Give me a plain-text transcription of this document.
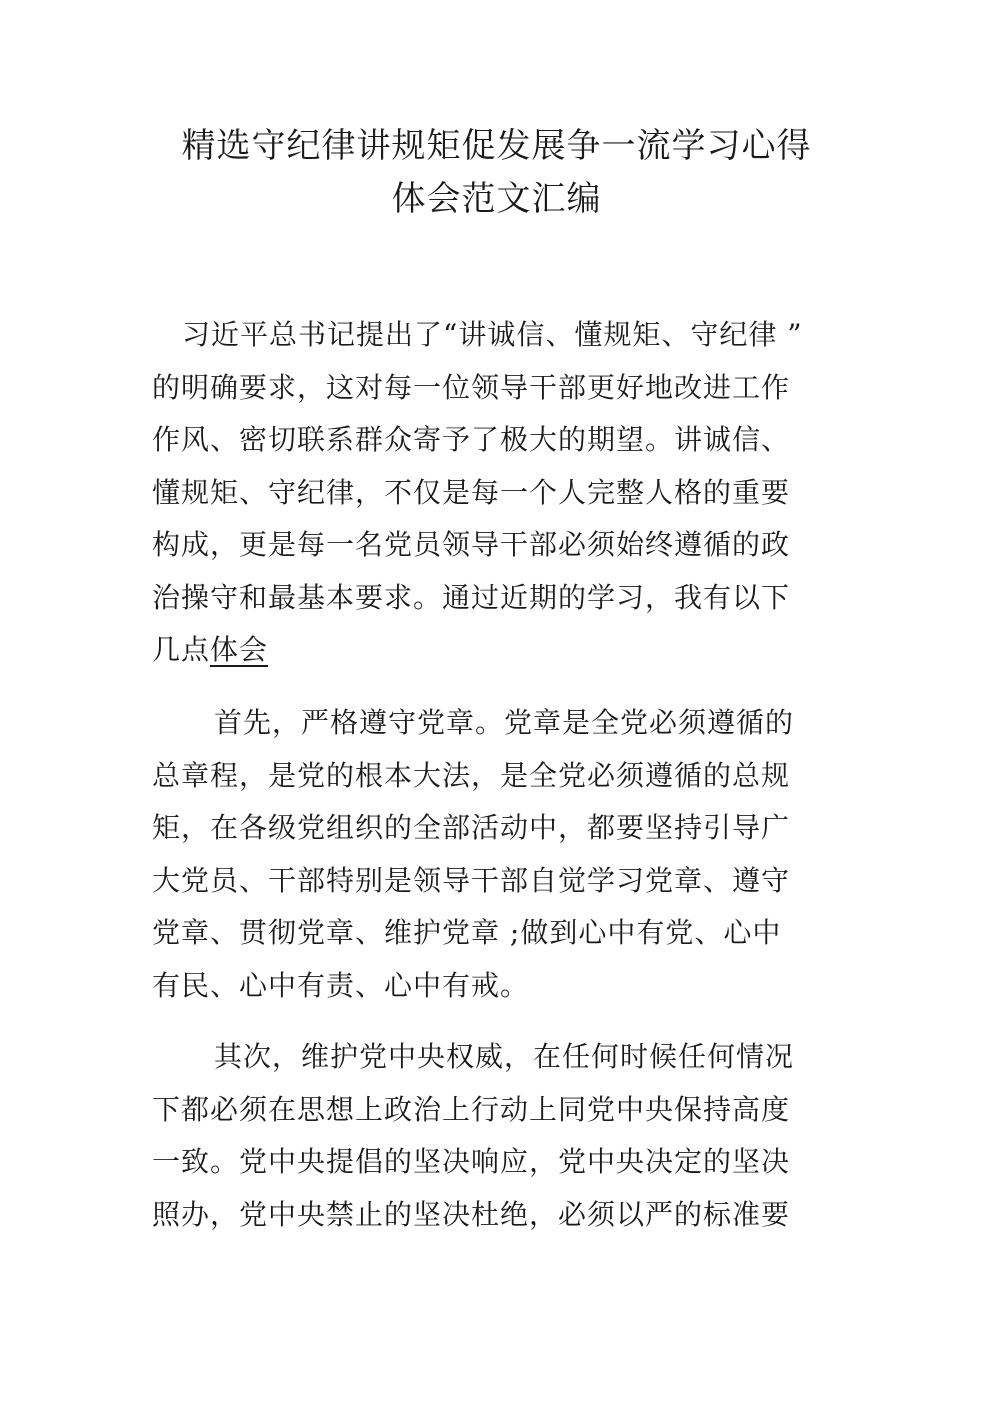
精选守纪律讲规矩促发展争一流学习心得
体会范文汇编

习近平总书记提出了“讲诚信、懂规矩、守纪律 ”
的明确要求，这对每一位领导干部更好地改进工作
作风、密切联系群众寄予了极大的期望。讲诚信、
懂规矩、守纪律，不仅是每一个人完整人格的重要
构成，更是每一名党员领导干部必须始终遵循的政
治操守和最基本要求。通过近期的学习，我有以下
几点体会

首先，严格遵守党章。党章是全党必须遵循的
总章程，是党的根本大法，是全党必须遵循的总规
矩，在各级党组织的全部活动中，都要坚持引导广
大党员、干部特别是领导干部自觉学习党章、遵守
党章、贯彻党章、维护党章 ;做到心中有党、心中
有民、心中有责、心中有戒。

其次，维护党中央权威，在任何时候任何情况
下都必须在思想上政治上行动上同党中央保持高度
一致。党中央提倡的坚决响应，党中央决定的坚决
照办，党中央禁止的坚决杜绝，必须以严的标准要
